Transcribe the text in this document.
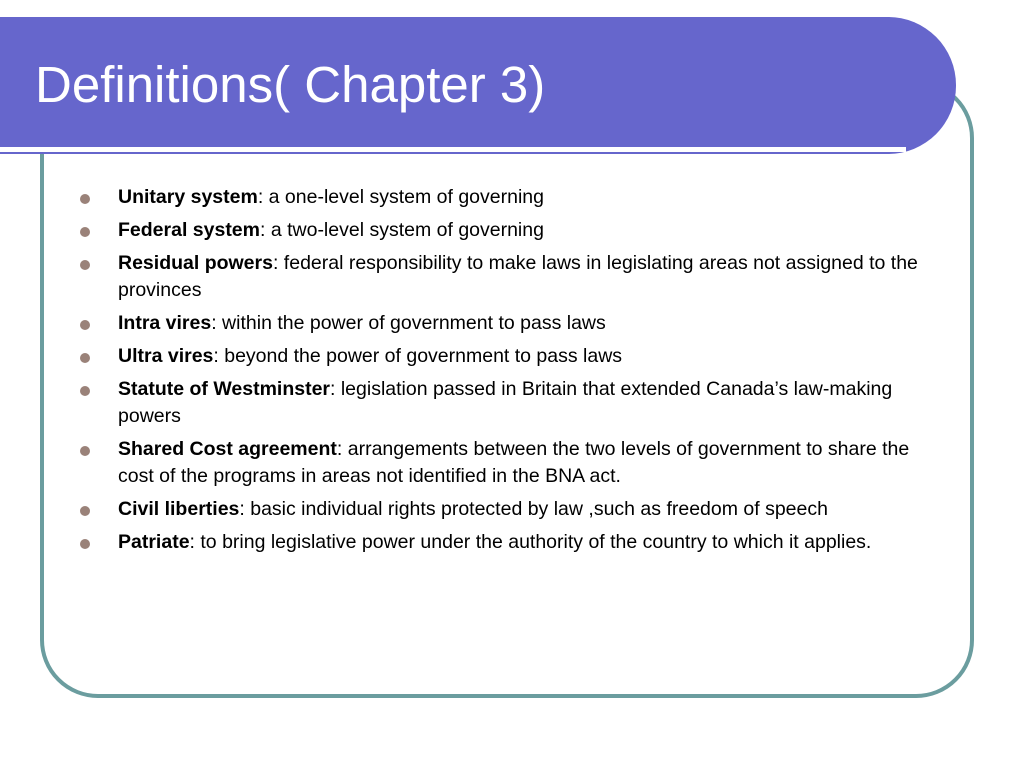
Definitions( Chapter 3)
Unitary system: a one-level system of governing
Federal system: a two-level system of governing
Residual powers: federal responsibility to make laws in legislating areas not assigned to the provinces
Intra vires: within the power of government to pass laws
Ultra vires: beyond the power of government to pass laws
Statute of Westminster: legislation passed in Britain that extended Canada’s law-making powers
Shared Cost agreement: arrangements between the two levels of government to share the cost of the programs in areas not identified in the BNA act.
Civil liberties: basic individual rights protected by law ,such as freedom of speech
Patriate: to bring legislative power under the authority of the country to which it applies.
